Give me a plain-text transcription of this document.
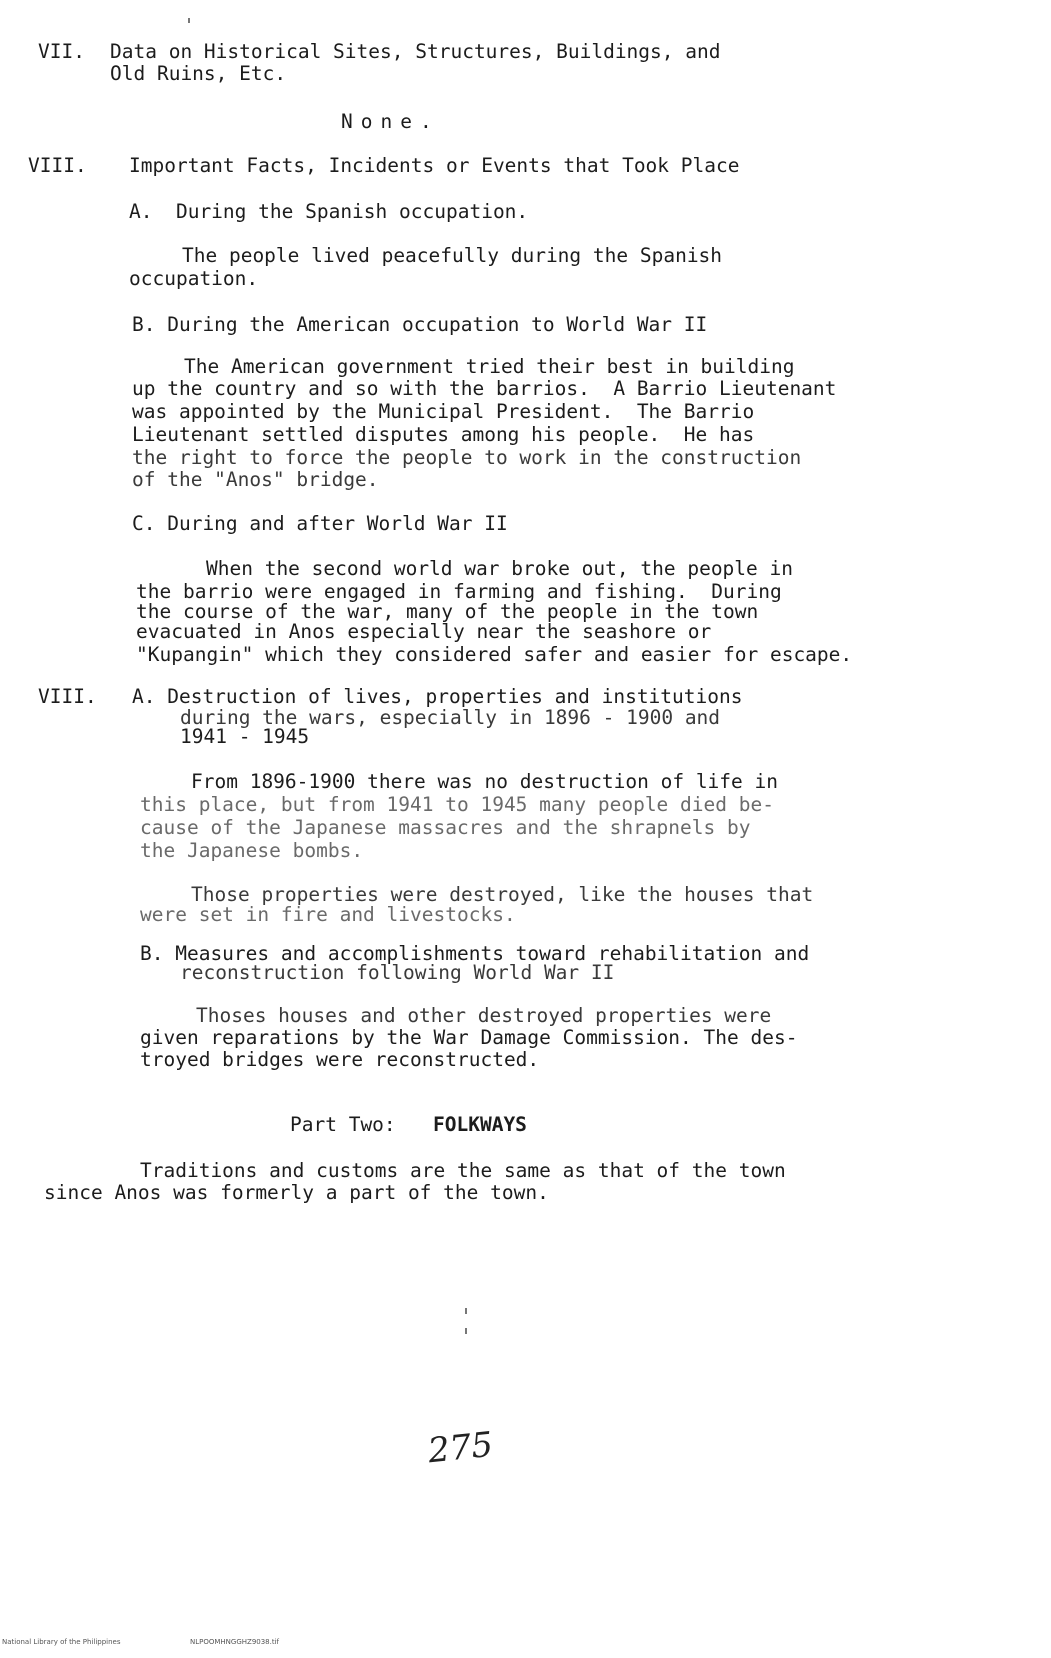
VII. Data on Historical Sites, Structures, Buildings, and
Old Ruins, Etc.
None.
VIII. Important Facts, Incidents or Events that Took Place
A.  During the Spanish occupation.
The people lived peacefully during the Spanish
occupation.
B. During the American occupation to World War II
The American government tried their best in building
up the country and so with the barrios.  A Barrio Lieutenant
was appointed by the Municipal President.  The Barrio
Lieutenant settled disputes among his people.  He has
the right to force the people to work in the construction
of the "Anos" bridge.
C. During and after World War II
When the second world war broke out, the people in
the barrio were engaged in farming and fishing.  During
the course of the war, many of the people in the town
evacuated in Anos especially near the seashore or
"Kupangin" which they considered safer and easier for escape.
VIII. A. Destruction of lives, properties and institutions
during the wars, especially in 1896 - 1900 and
1941 - 1945
From 1896-1900 there was no destruction of life in
this place, but from 1941 to 1945 many people died be-
cause of the Japanese massacres and the shrapnels by
the Japanese bombs.
Those properties were destroyed, like the houses that
were set in fire and livestocks.
B. Measures and accomplishments toward rehabilitation and
reconstruction following World War II
Thoses houses and other destroyed properties were
given reparations by the War Damage Commission. The des-
troyed bridges were reconstructed.
Part Two: FOLKWAYS
Traditions and customs are the same as that of the town
since Anos was formerly a part of the town.
275
National Library of the Philippines	NLPOOMHNGGHZ9038.tif
